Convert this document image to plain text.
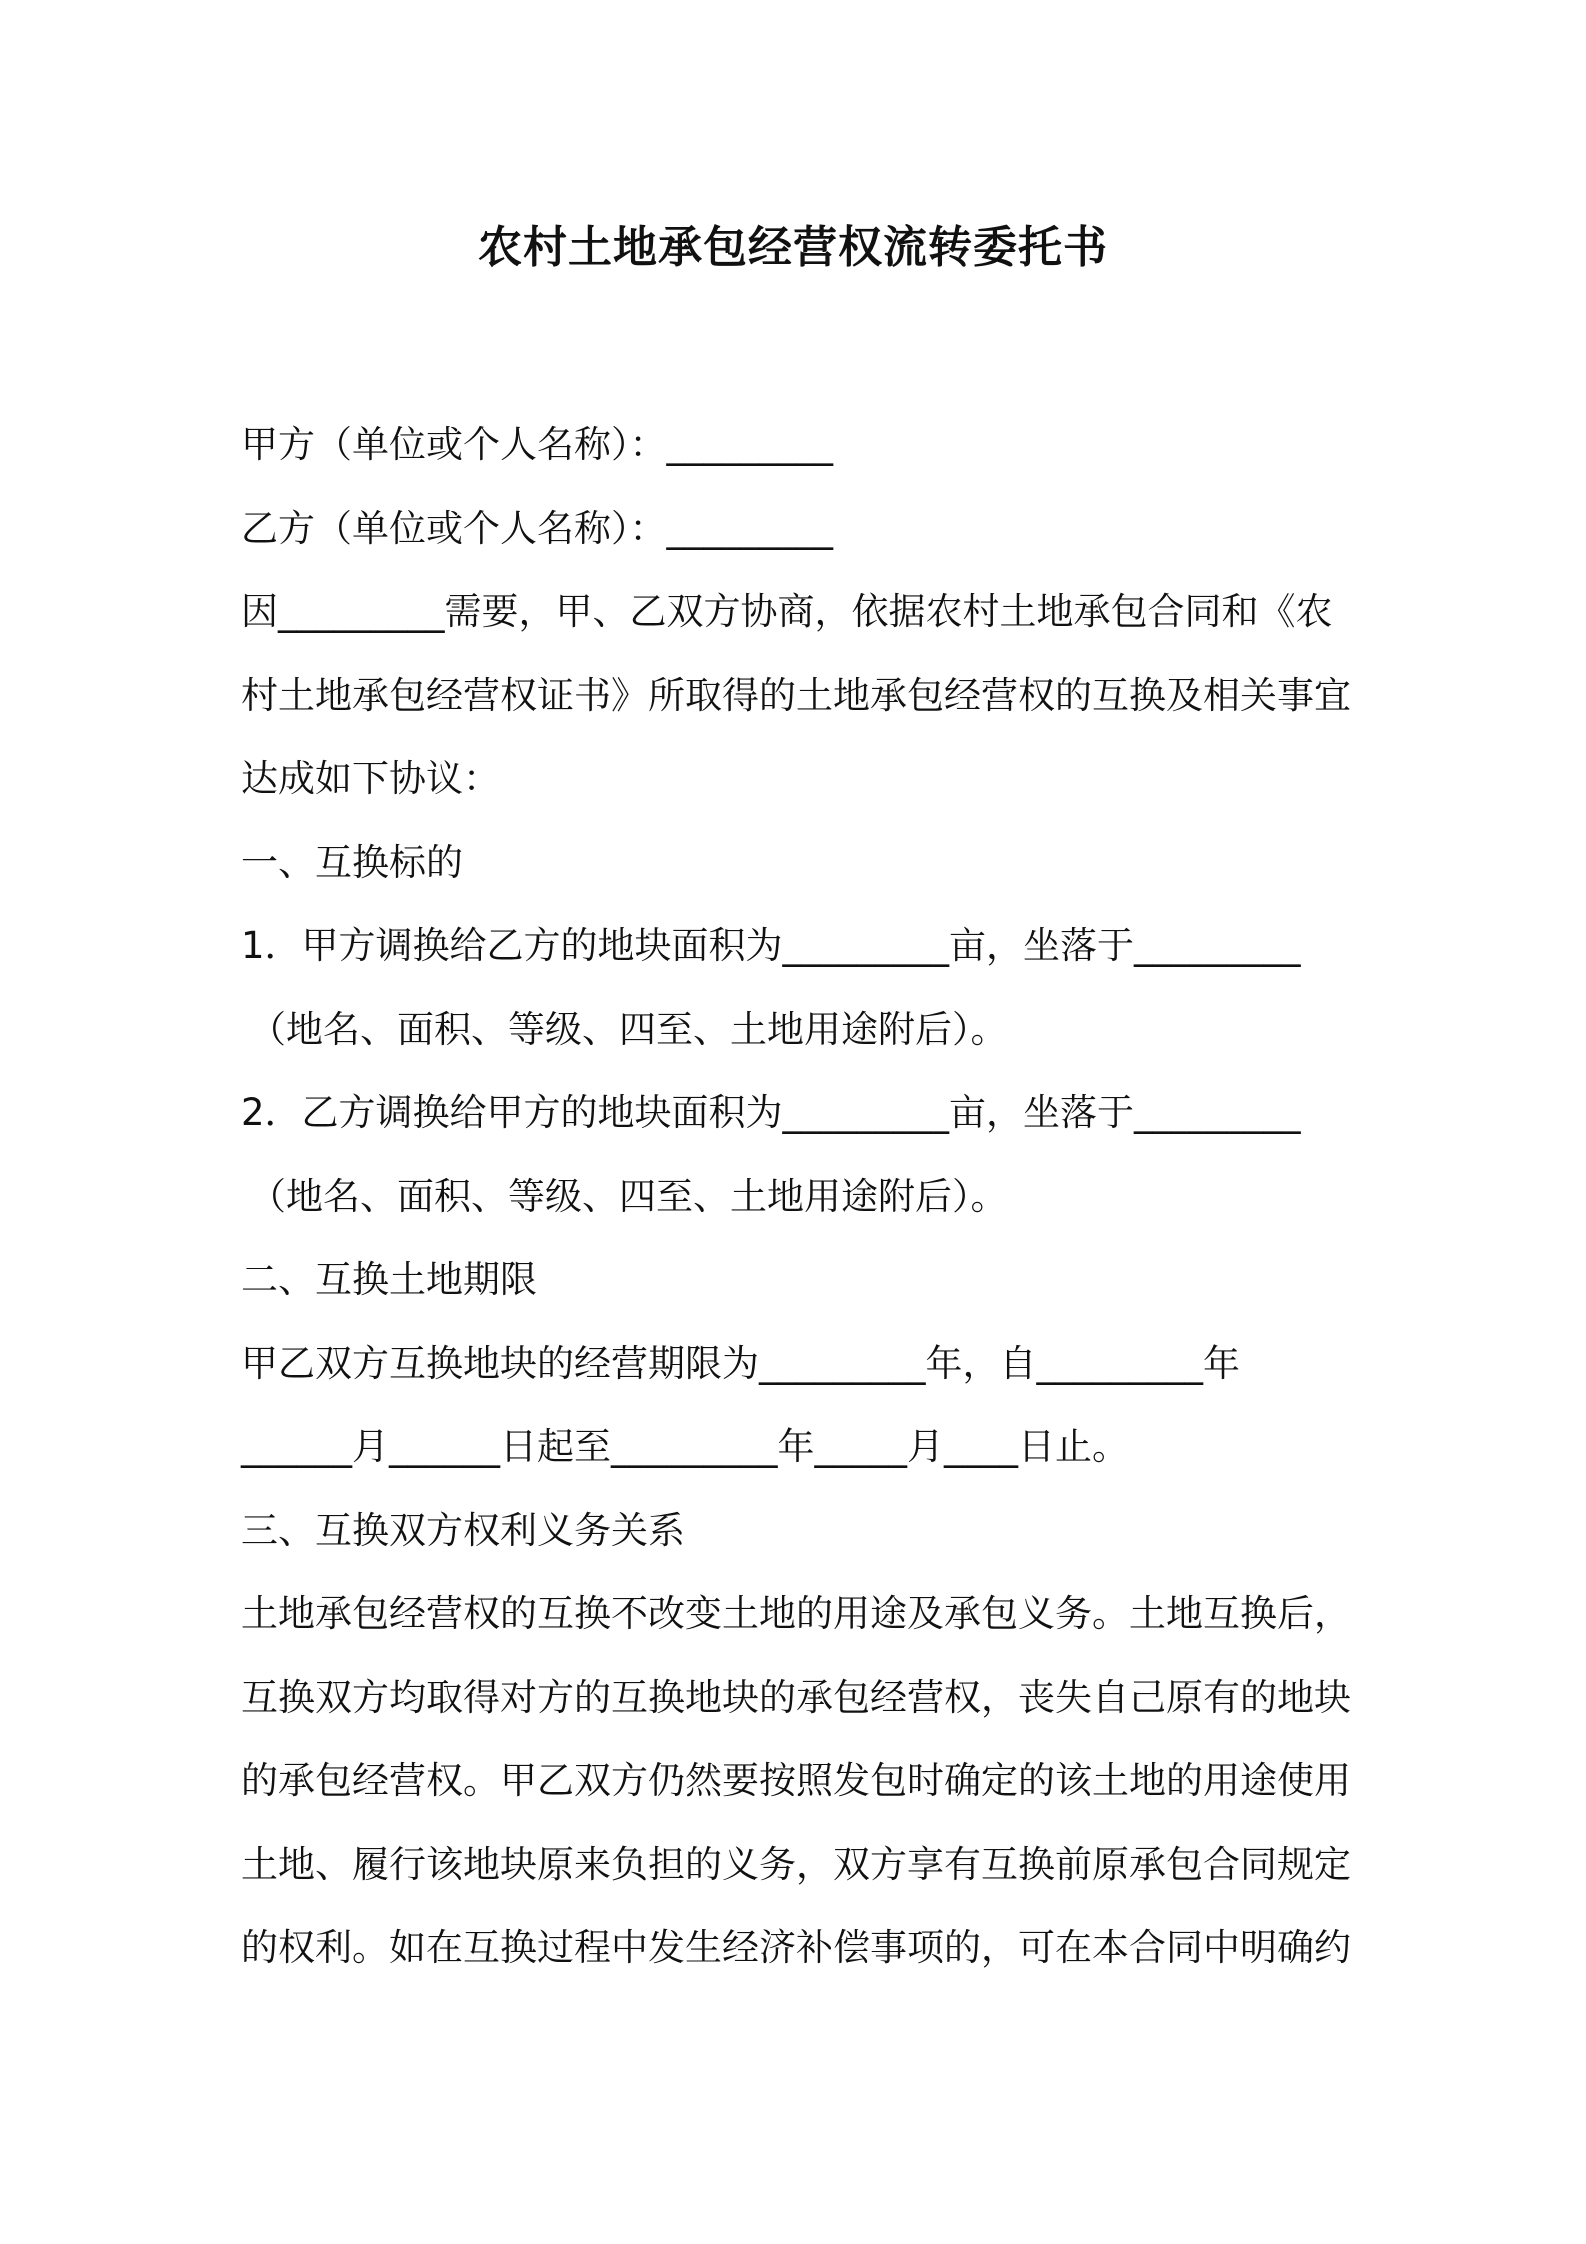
农村土地承包经营权流转委托书
甲方（单位或个人名称）：_________
乙方（单位或个人名称）：_________
因_________需要，甲、乙双方协商，依据农村土地承包合同和《农
村土地承包经营权证书》所取得的土地承包经营权的互换及相关事宜
达成如下协议：
一、互换标的
1．甲方调换给乙方的地块面积为_________亩，坐落于_________
（地名、面积、等级、四至、土地用途附后）。
2．乙方调换给甲方的地块面积为_________亩，坐落于_________
（地名、面积、等级、四至、土地用途附后）。
二、互换土地期限
甲乙双方互换地块的经营期限为_________年，自_________年
______月______日起至_________年_____月____日止。
三、互换双方权利义务关系
土地承包经营权的互换不改变土地的用途及承包义务。土地互换后，
互换双方均取得对方的互换地块的承包经营权，丧失自己原有的地块
的承包经营权。甲乙双方仍然要按照发包时确定的该土地的用途使用
土地、履行该地块原来负担的义务，双方享有互换前原承包合同规定
的权利。如在互换过程中发生经济补偿事项的，可在本合同中明确约
